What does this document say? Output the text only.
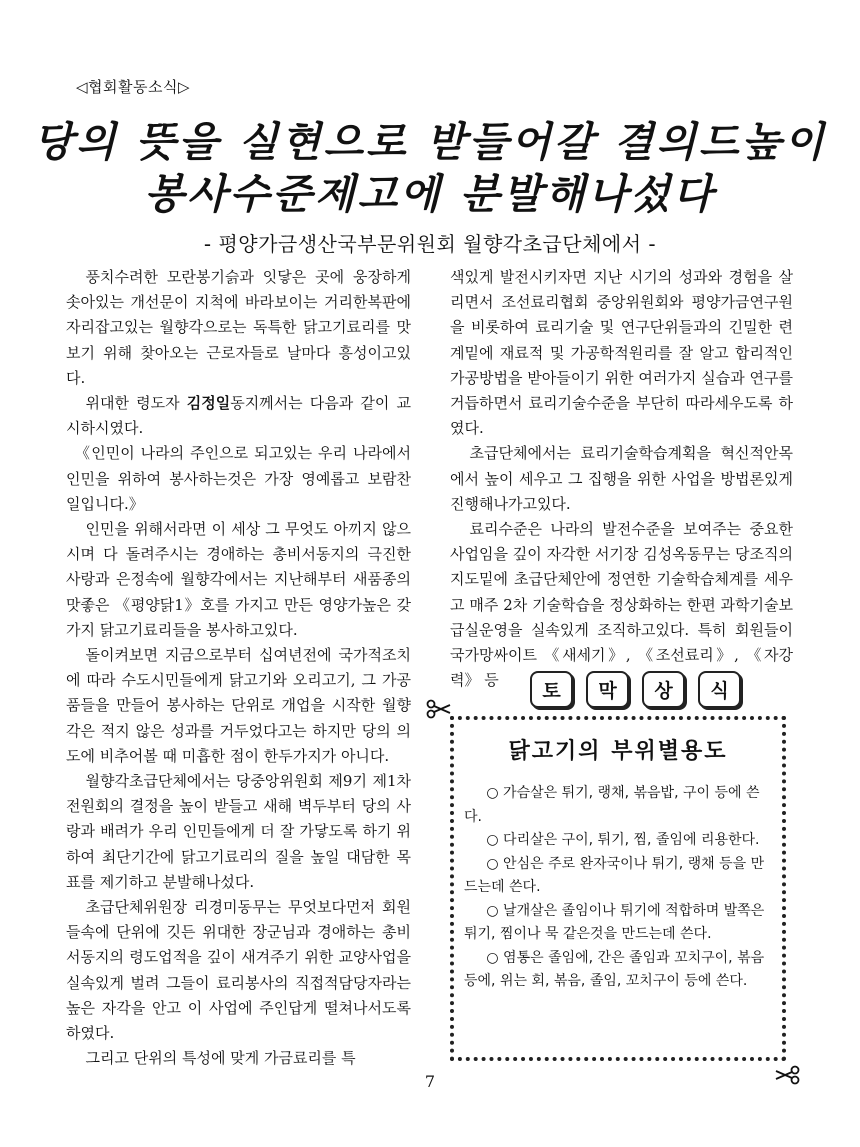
◁협회활동소식▷
당의 뜻을 실현으로 받들어갈 결의드높이
봉사수준제고에 분발해나섰다
- 평양가금생산국부문위원회 월향각초급단체에서 -

풍치수려한 모란봉기슭과 잇닿은 곳에 웅장하게 솟아있는 개선문이 지척에 바라보이는 거리한복판에 자리잡고있는 월향각으로는 독특한 닭고기료리를 맛보기 위해 찾아오는 근로자들로 날마다 흥성이고있다.

위대한 령도자 김정일동지께서는 다음과 같이 교시하시였다.

《인민이 나라의 주인으로 되고있는 우리 나라에서 인민을 위하여 봉사하는것은 가장 영예롭고 보람찬 일입니다.》

인민을 위해서라면 이 세상 그 무엇도 아끼지 않으시며 다 돌려주시는 경애하는 총비서동지의 극진한 사랑과 은정속에 월향각에서는 지난해부터 새품종의 맛좋은 《평양닭1》호를 가지고 만든 영양가높은 갖가지 닭고기료리들을 봉사하고있다.

돌이켜보면 지금으로부터 십여년전에 국가적조치에 따라 수도시민들에게 닭고기와 오리고기, 그 가공품들을 만들어 봉사하는 단위로 개업을 시작한 월향각은 적지 않은 성과를 거두었다고는 하지만 당의 의도에 비추어볼 때 미흡한 점이 한두가지가 아니다.

월향각초급단체에서는 당중앙위원회 제9기 제1차전원회의 결정을 높이 받들고 새해 벽두부터 당의 사랑과 배려가 우리 인민들에게 더 잘 가닿도록 하기 위하여 최단기간에 닭고기료리의 질을 높일 대담한 목표를 제기하고 분발해나섰다.

초급단체위원장 리경미동무는 무엇보다먼저 회원들속에 단위에 깃든 위대한 장군님과 경애하는 총비서동지의 령도업적을 깊이 새겨주기 위한 교양사업을 실속있게 벌려 그들이 료리봉사의 직접적담당자라는 높은 자각을 안고 이 사업에 주인답게 떨쳐나서도록 하였다.

그리고 단위의 특성에 맞게 가금료리를 특

색있게 발전시키자면 지난 시기의 성과와 경험을 살리면서 조선료리협회 중앙위원회와 평양가금연구원을 비롯하여 료리기술 및 연구단위들과의 긴밀한 련계밑에 재료적 및 가공학적원리를 잘 알고 합리적인 가공방법을 받아들이기 위한 여러가지 실습과 연구를 거듭하면서 료리기술수준을 부단히 따라세우도록 하였다.

초급단체에서는 료리기술학습계획을 혁신적안목에서 높이 세우고 그 집행을 위한 사업을 방법론있게 진행해나가고있다.

료리수준은 나라의 발전수준을 보여주는 중요한 사업임을 깊이 자각한 서기장 김성옥동무는 당조직의 지도밑에 초급단체안에 정연한 기술학습체계를 세우고 매주 2차 기술학습을 정상화하는 한편 과학기술보급실운영을 실속있게 조직하고있다. 특히 회원들이 국가망싸이트 《새세기》, 《조선료리》, 《자강력》 등	토	막	상	식
닭고기의 부위별용도

○ 가슴살은 튀기, 랭채, 볶음밥, 구이 등에 쓴다.

○ 다리살은 구이, 튀기, 찜, 졸임에 리용한다.

○ 안심은 주로 완자국이나 튀기, 랭채 등을 만드는데 쓴다.

○ 날개살은 졸임이나 튀기에 적합하며 발쪽은 튀기, 찜이나 묵 같은것을 만드는데 쓴다.

○ 염통은 졸임에, 간은 졸임과 꼬치구이, 볶음 등에, 위는 회, 볶음, 졸임, 꼬치구이 등에 쓴다.

7
